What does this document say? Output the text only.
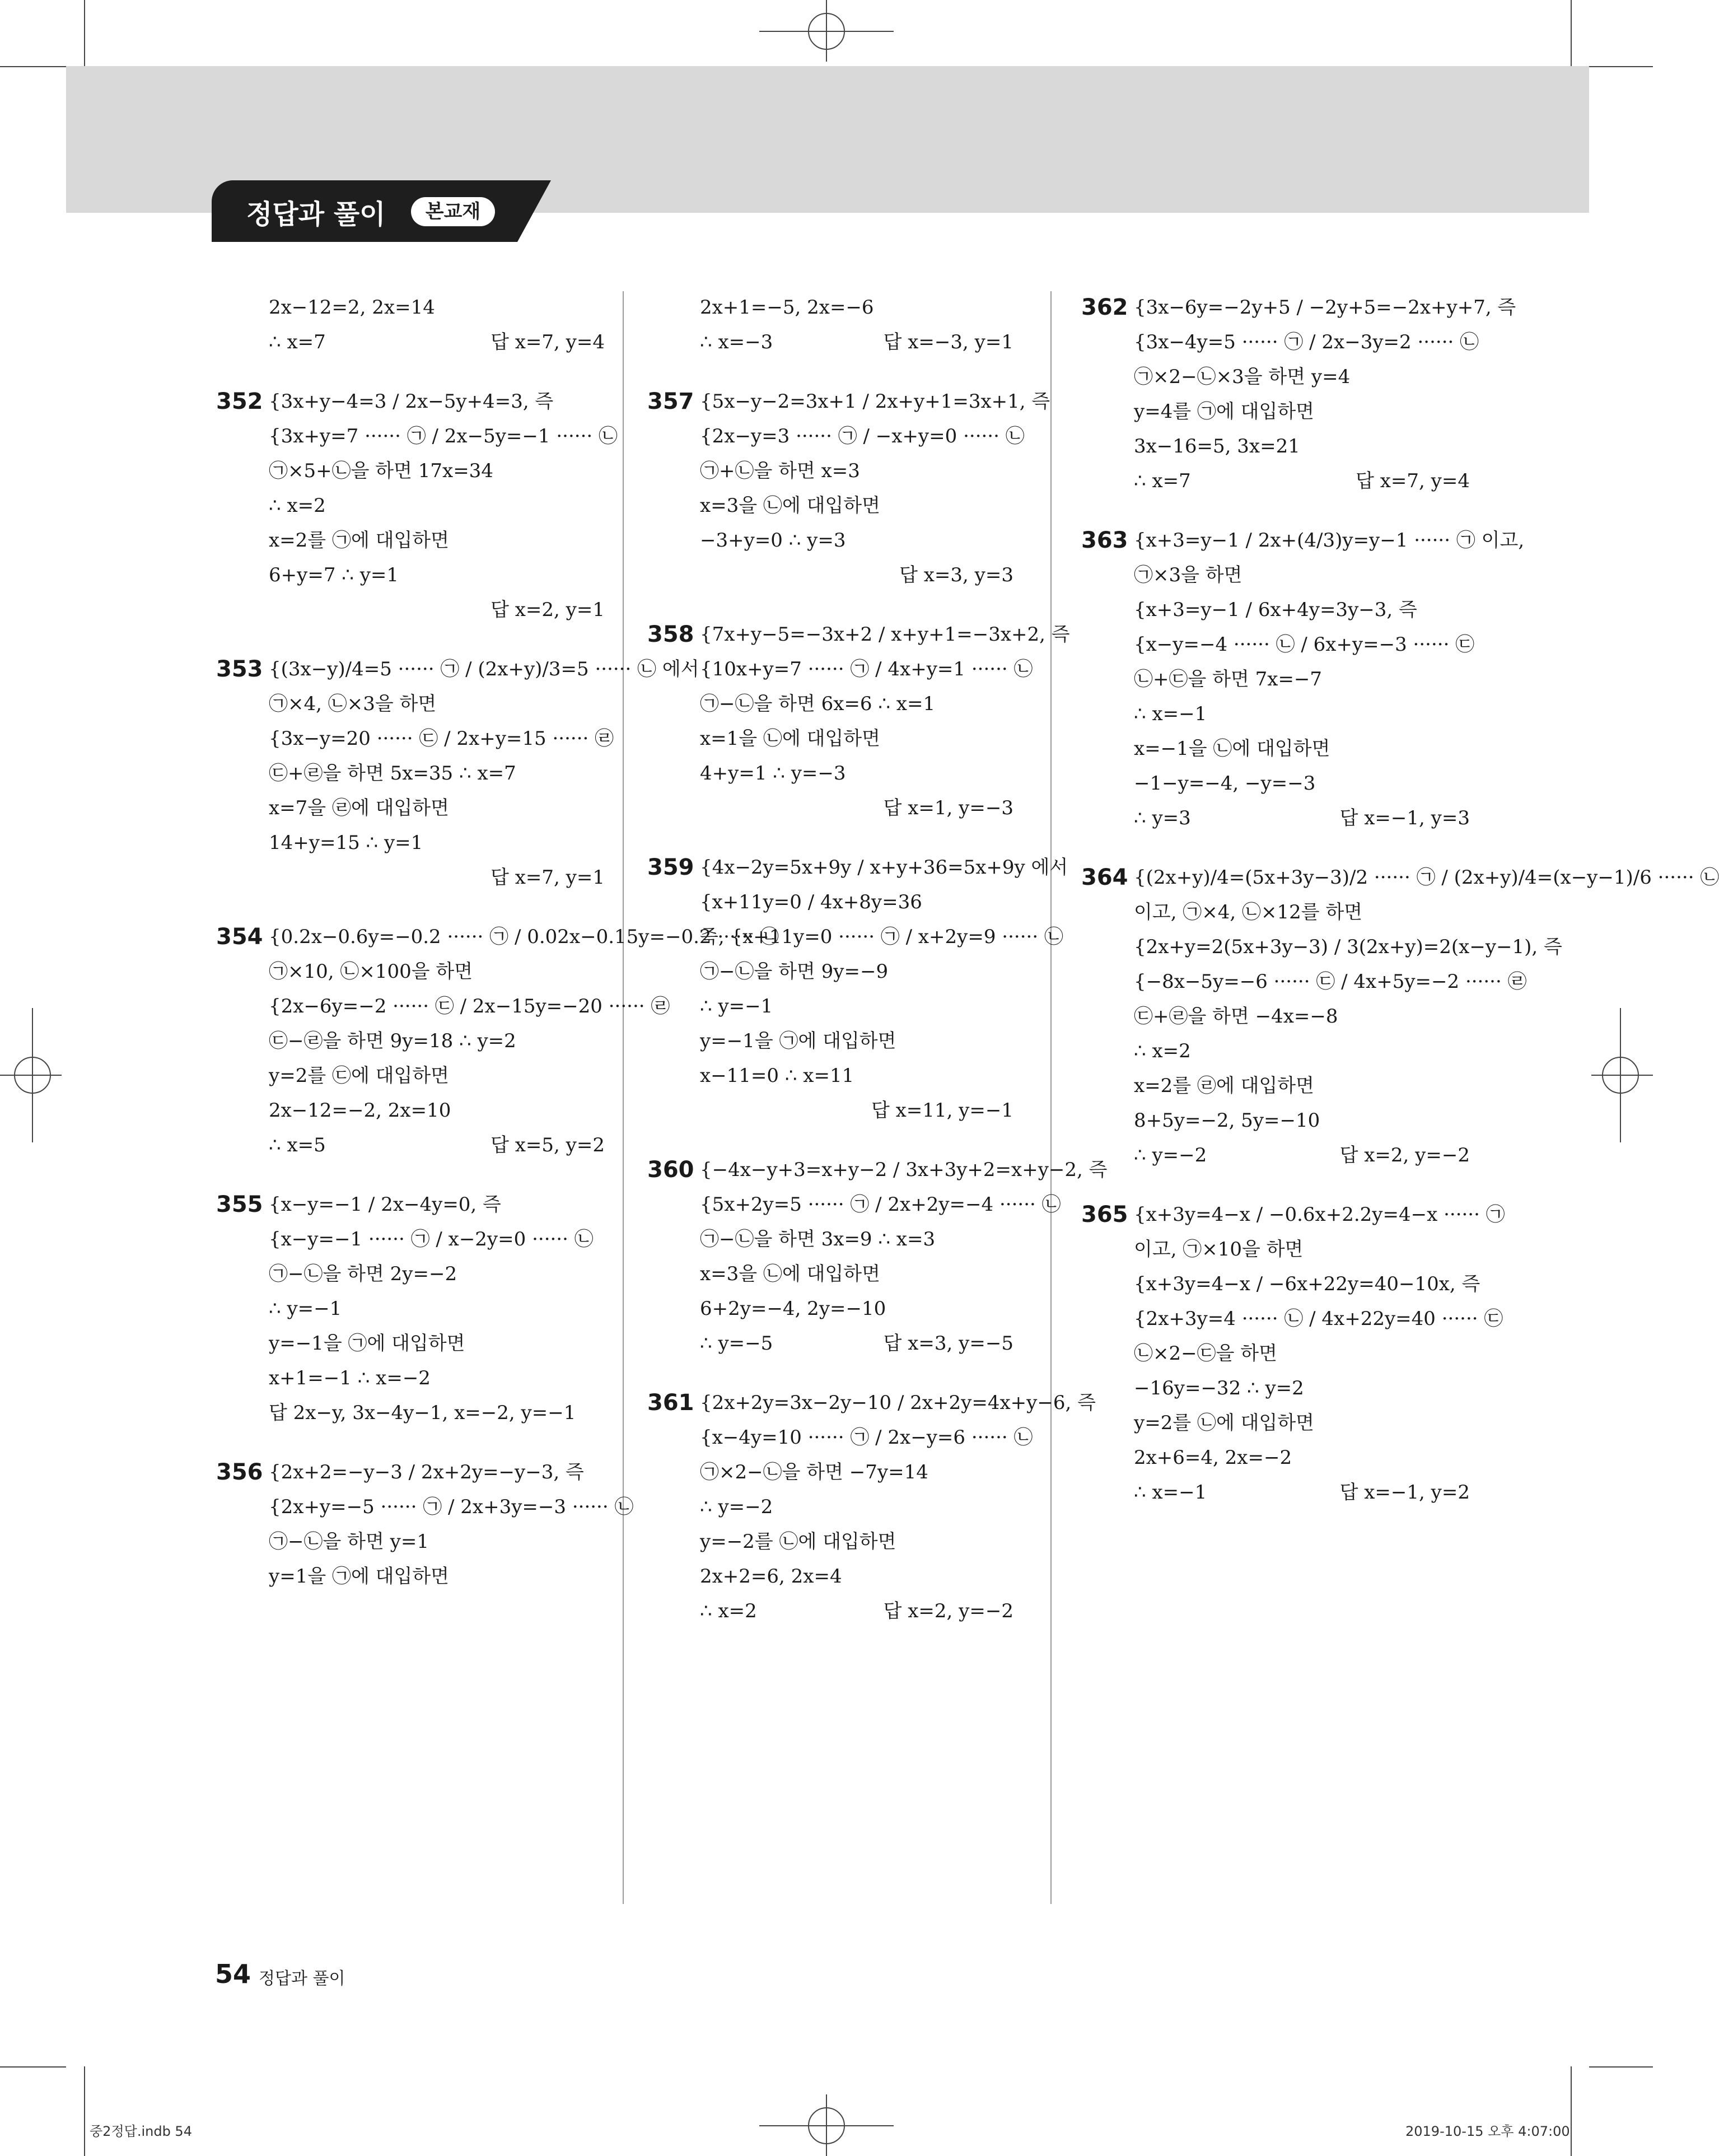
정답과 풀이	본교재
2x−12=2, 2x=14
∴ x=7	답 x=7, y=4
352 {3x+y−4=3 / 2x−5y+4=3, 즉
{3x+y=7 ······ ㉠ / 2x−5y=−1 ······ ㉡
㉠×5+㉡을 하면 17x=34
∴ x=2
x=2를 ㉠에 대입하면
6+y=7 ∴ y=1
답 x=2, y=1
353 {(3x−y)/4=5 ······ ㉠ / (2x+y)/3=5 ······ ㉡ 에서
㉠×4, ㉡×3을 하면
{3x−y=20 ······ ㉢ / 2x+y=15 ······ ㉣
㉢+㉣을 하면 5x=35 ∴ x=7
x=7을 ㉣에 대입하면
14+y=15 ∴ y=1
답 x=7, y=1
354 {0.2x−0.6y=−0.2 ······ ㉠ / 0.02x−0.15y=−0.2 ······ ㉡
㉠×10, ㉡×100을 하면
{2x−6y=−2 ······ ㉢ / 2x−15y=−20 ······ ㉣
㉢−㉣을 하면 9y=18 ∴ y=2
y=2를 ㉢에 대입하면
2x−12=−2, 2x=10
∴ x=5	답 x=5, y=2
355 {x−y=−1 / 2x−4y=0, 즉
{x−y=−1 ······ ㉠ / x−2y=0 ······ ㉡
㉠−㉡을 하면 2y=−2
∴ y=−1
y=−1을 ㉠에 대입하면
x+1=−1 ∴ x=−2
답 2x−y, 3x−4y−1, x=−2, y=−1
356 {2x+2=−y−3 / 2x+2y=−y−3, 즉
{2x+y=−5 ······ ㉠ / 2x+3y=−3 ······ ㉡
㉠−㉡을 하면 y=1
y=1을 ㉠에 대입하면
2x+1=−5, 2x=−6
∴ x=−3	답 x=−3, y=1
357 {5x−y−2=3x+1 / 2x+y+1=3x+1, 즉
{2x−y=3 ······ ㉠ / −x+y=0 ······ ㉡
㉠+㉡을 하면 x=3
x=3을 ㉡에 대입하면
−3+y=0 ∴ y=3
답 x=3, y=3
358 {7x+y−5=−3x+2 / x+y+1=−3x+2, 즉
{10x+y=7 ······ ㉠ / 4x+y=1 ······ ㉡
㉠−㉡을 하면 6x=6 ∴ x=1
x=1을 ㉡에 대입하면
4+y=1 ∴ y=−3
답 x=1, y=−3
359 {4x−2y=5x+9y / x+y+36=5x+9y 에서
{x+11y=0 / 4x+8y=36
즉, {x+11y=0 ······ ㉠ / x+2y=9 ······ ㉡
㉠−㉡을 하면 9y=−9
∴ y=−1
y=−1을 ㉠에 대입하면
x−11=0 ∴ x=11
답 x=11, y=−1
360 {−4x−y+3=x+y−2 / 3x+3y+2=x+y−2, 즉
{5x+2y=5 ······ ㉠ / 2x+2y=−4 ······ ㉡
㉠−㉡을 하면 3x=9 ∴ x=3
x=3을 ㉡에 대입하면
6+2y=−4, 2y=−10
∴ y=−5	답 x=3, y=−5
361 {2x+2y=3x−2y−10 / 2x+2y=4x+y−6, 즉
{x−4y=10 ······ ㉠ / 2x−y=6 ······ ㉡
㉠×2−㉡을 하면 −7y=14
∴ y=−2
y=−2를 ㉡에 대입하면
2x+2=6, 2x=4
∴ x=2	답 x=2, y=−2
362 {3x−6y=−2y+5 / −2y+5=−2x+y+7, 즉
{3x−4y=5 ······ ㉠ / 2x−3y=2 ······ ㉡
㉠×2−㉡×3을 하면 y=4
y=4를 ㉠에 대입하면
3x−16=5, 3x=21
∴ x=7	답 x=7, y=4
363 {x+3=y−1 / 2x+(4/3)y=y−1 ······ ㉠ 이고,
㉠×3을 하면
{x+3=y−1 / 6x+4y=3y−3, 즉
{x−y=−4 ······ ㉡ / 6x+y=−3 ······ ㉢
㉡+㉢을 하면 7x=−7
∴ x=−1
x=−1을 ㉡에 대입하면
−1−y=−4, −y=−3
∴ y=3	답 x=−1, y=3
364 {(2x+y)/4=(5x+3y−3)/2 ······ ㉠ / (2x+y)/4=(x−y−1)/6 ······ ㉡
이고, ㉠×4, ㉡×12를 하면
{2x+y=2(5x+3y−3) / 3(2x+y)=2(x−y−1), 즉
{−8x−5y=−6 ······ ㉢ / 4x+5y=−2 ······ ㉣
㉢+㉣을 하면 −4x=−8
∴ x=2
x=2를 ㉣에 대입하면
8+5y=−2, 5y=−10
∴ y=−2	답 x=2, y=−2
365 {x+3y=4−x / −0.6x+2.2y=4−x ······ ㉠
이고, ㉠×10을 하면
{x+3y=4−x / −6x+22y=40−10x, 즉
{2x+3y=4 ······ ㉡ / 4x+22y=40 ······ ㉢
㉡×2−㉢을 하면
−16y=−32 ∴ y=2
y=2를 ㉡에 대입하면
2x+6=4, 2x=−2
∴ x=−1	답 x=−1, y=2
54 정답과 풀이
중2정답.indb 54	2019-10-15 오후 4:07:00
